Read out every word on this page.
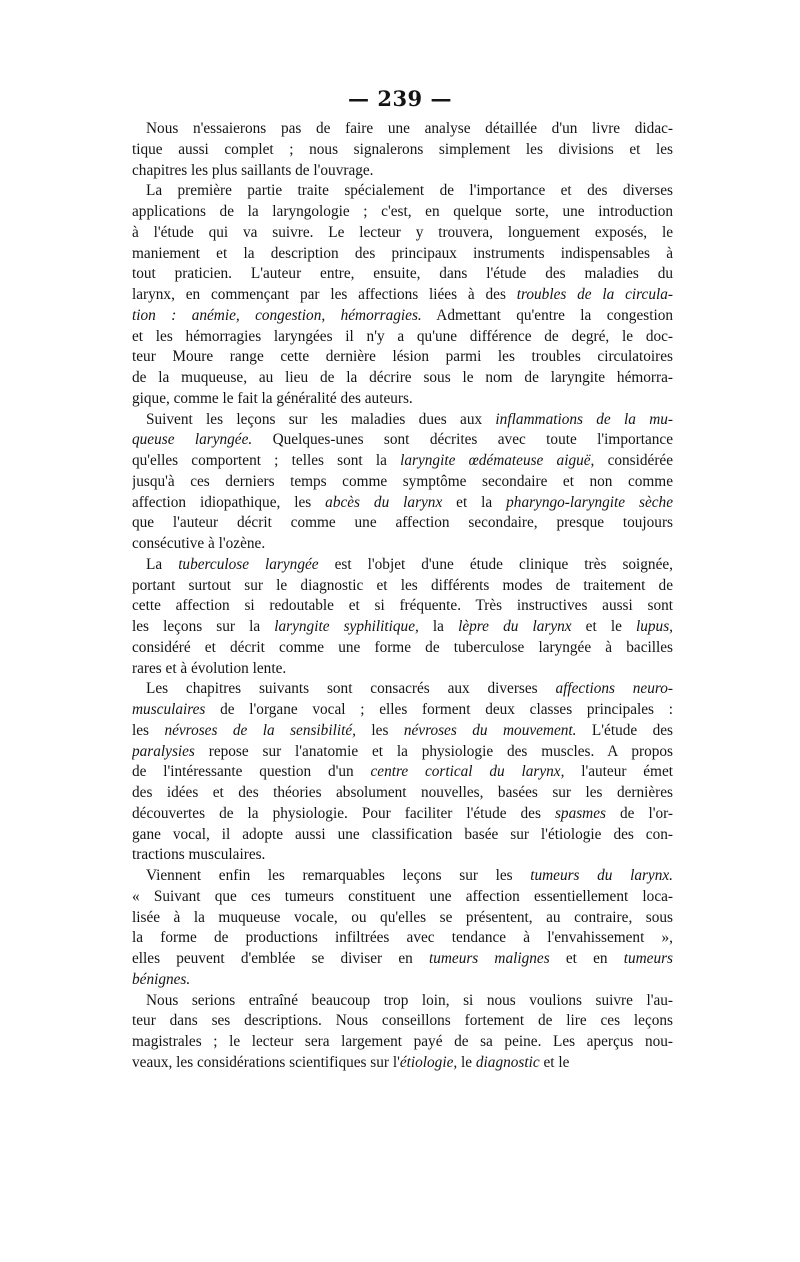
— 239 —
Nous n'essaierons pas de faire une analyse détaillée d'un livre didac-
tique aussi complet ; nous signalerons simplement les divisions et les
chapitres les plus saillants de l'ouvrage.
La première partie traite spécialement de l'importance et des diverses
applications de la laryngologie ; c'est, en quelque sorte, une introduction
à l'étude qui va suivre. Le lecteur y trouvera, longuement exposés, le
maniement et la description des principaux instruments indispensables à
tout praticien. L'auteur entre, ensuite, dans l'étude des maladies du
larynx, en commençant par les affections liées à des troubles de la circula-
tion : anémie, congestion, hémorragies. Admettant qu'entre la congestion
et les hémorragies laryngées il n'y a qu'une différence de degré, le doc-
teur Moure range cette dernière lésion parmi les troubles circulatoires
de la muqueuse, au lieu de la décrire sous le nom de laryngite hémorra-
gique, comme le fait la généralité des auteurs.
Suivent les leçons sur les maladies dues aux inflammations de la mu-
queuse laryngée. Quelques-unes sont décrites avec toute l'importance
qu'elles comportent ; telles sont la laryngite œdémateuse aiguë, considérée
jusqu'à ces derniers temps comme symptôme secondaire et non comme
affection idiopathique, les abcès du larynx et la pharyngo-laryngite sèche
que l'auteur décrit comme une affection secondaire, presque toujours
consécutive à l'ozène.
La tuberculose laryngée est l'objet d'une étude clinique très soignée,
portant surtout sur le diagnostic et les différents modes de traitement de
cette affection si redoutable et si fréquente. Très instructives aussi sont
les leçons sur la laryngite syphilitique, la lèpre du larynx et le lupus,
considéré et décrit comme une forme de tuberculose laryngée à bacilles
rares et à évolution lente.
Les chapitres suivants sont consacrés aux diverses affections neuro-
musculaires de l'organe vocal ; elles forment deux classes principales :
les névroses de la sensibilité, les névroses du mouvement. L'étude des
paralysies repose sur l'anatomie et la physiologie des muscles. A propos
de l'intéressante question d'un centre cortical du larynx, l'auteur émet
des idées et des théories absolument nouvelles, basées sur les dernières
découvertes de la physiologie. Pour faciliter l'étude des spasmes de l'or-
gane vocal, il adopte aussi une classification basée sur l'étiologie des con-
tractions musculaires.
Viennent enfin les remarquables leçons sur les tumeurs du larynx.
« Suivant que ces tumeurs constituent une affection essentiellement loca-
lisée à la muqueuse vocale, ou qu'elles se présentent, au contraire, sous
la forme de productions infiltrées avec tendance à l'envahissement »,
elles peuvent d'emblée se diviser en tumeurs malignes et en tumeurs
bénignes.
Nous serions entraîné beaucoup trop loin, si nous voulions suivre l'au-
teur dans ses descriptions. Nous conseillons fortement de lire ces leçons
magistrales ; le lecteur sera largement payé de sa peine. Les aperçus nou-
veaux, les considérations scientifiques sur l'étiologie, le diagnostic et le
